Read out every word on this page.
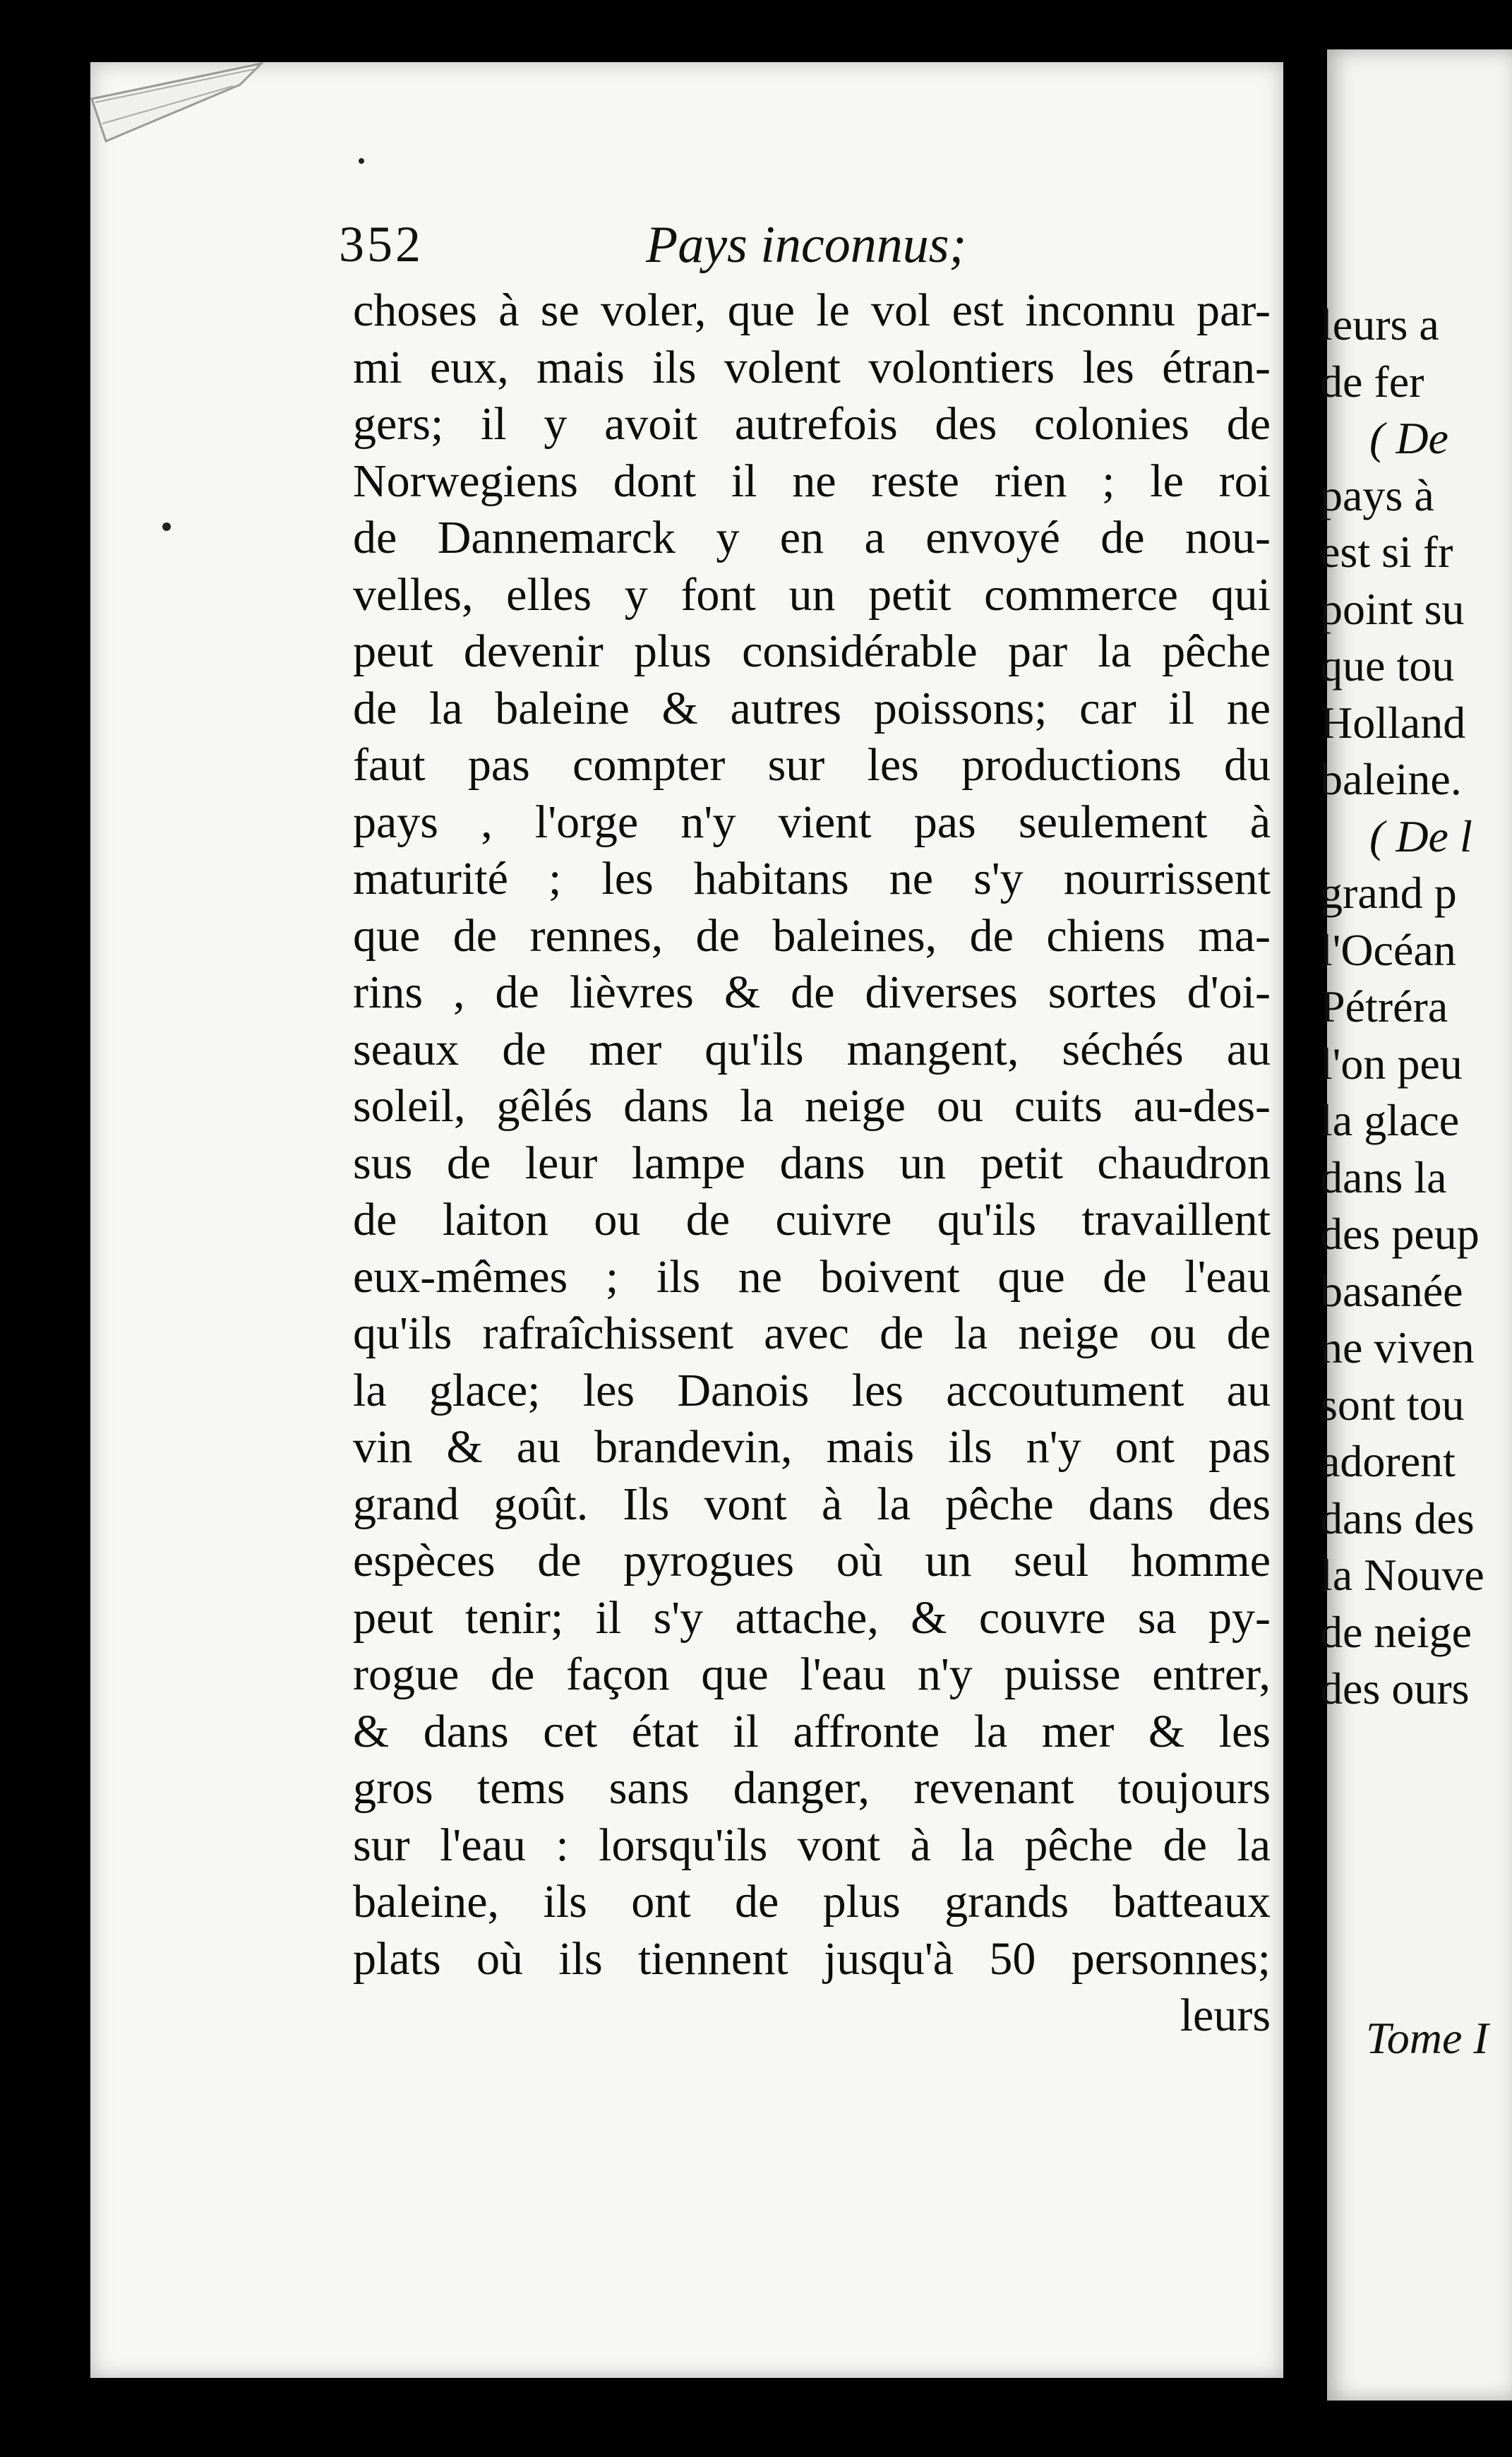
352	Pays inconnus;
choses à se voler, que le vol est inconnu par-
mi eux, mais ils volent volontiers les étran-
gers; il y avoit autrefois des colonies de
Norwegiens dont il ne reste rien ; le roi
de Dannemarck y en a envoyé de nou-
velles, elles y font un petit commerce qui
peut devenir plus considérable par la pêche
de la baleine & autres poissons; car il ne
faut pas compter sur les productions du
pays , l'orge n'y vient pas seulement à
maturité ; les habitans ne s'y nourrissent
que de rennes, de baleines, de chiens ma-
rins , de lièvres & de diverses sortes d'oi-
seaux de mer qu'ils mangent, séchés au
soleil, gêlés dans la neige ou cuits au-des-
sus de leur lampe dans un petit chaudron
de laiton ou de cuivre qu'ils travaillent
eux-mêmes ; ils ne boivent que de l'eau
qu'ils rafraîchissent avec de la neige ou de
la glace; les Danois les accoutument au
vin & au brandevin, mais ils n'y ont pas
grand goût. Ils vont à la pêche dans des
espèces de pyrogues où un seul homme
peut tenir; il s'y attache, & couvre sa py-
rogue de façon que l'eau n'y puisse entrer,
& dans cet état il affronte la mer & les
gros tems sans danger, revenant toujours
sur l'eau : lorsqu'ils vont à la pêche de la
baleine, ils ont de plus grands batteaux
plats où ils tiennent jusqu'à 50 personnes;
leurs
leurs a
de fer
( De
pays à
est si fr
point su
que tou
Holland
baleine.
( De l
grand p
l'Océan
Pétréra
l'on peu
la glace
dans la
des peup
basanée
ne viven
sont tou
adorent
dans des
la Nouve
de neige
des ours
Tome I
